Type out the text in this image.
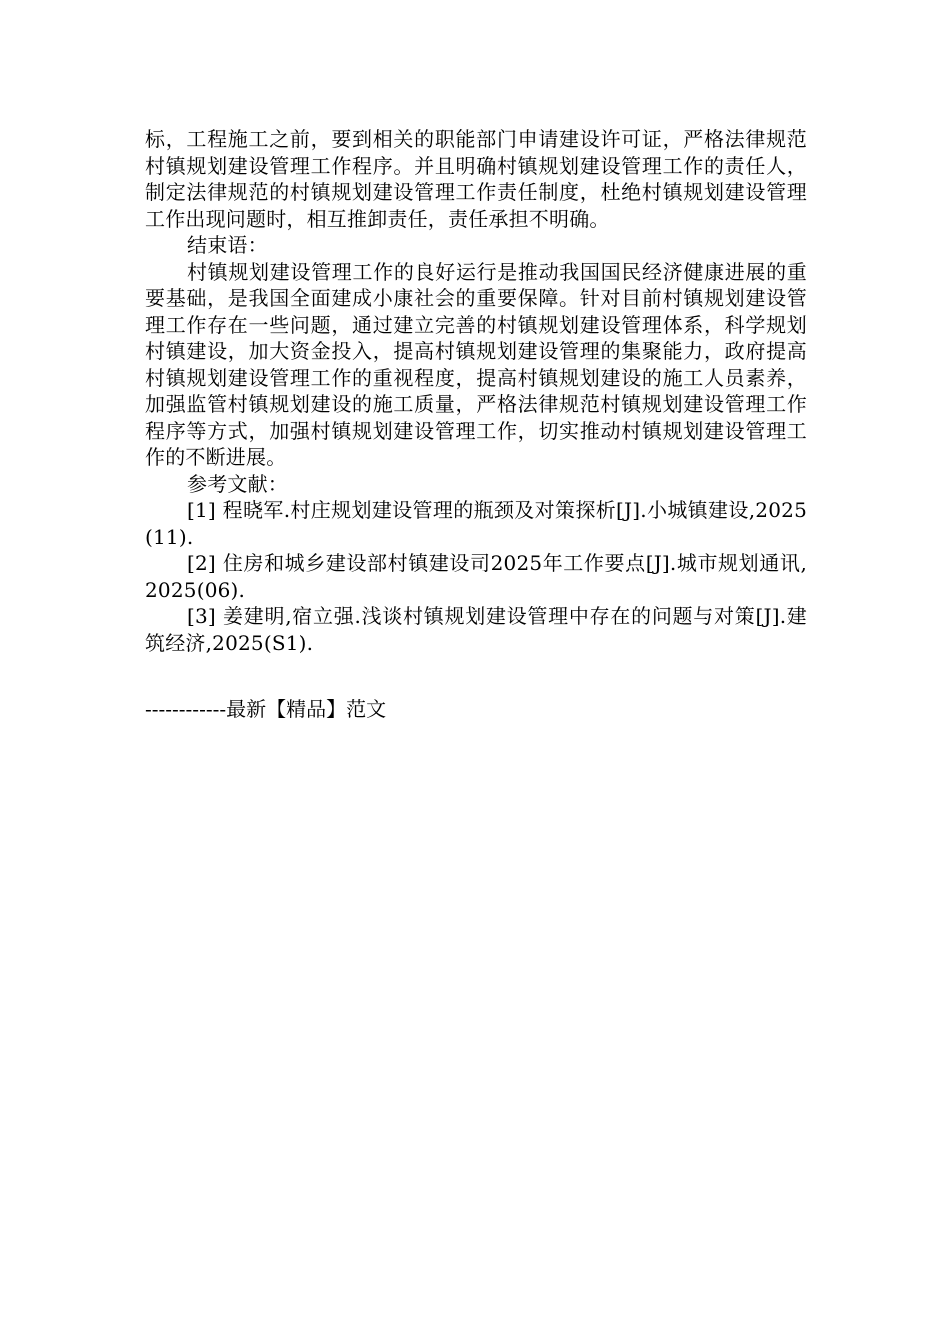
标，工程施工之前，要到相关的职能部门申请建设许可证，严格法律规范村镇规划建设管理工作程序。并且明确村镇规划建设管理工作的责任人，制定法律规范的村镇规划建设管理工作责任制度，杜绝村镇规划建设管理工作出现问题时，相互推卸责任，责任承担不明确。

结束语：

村镇规划建设管理工作的良好运行是推动我国国民经济健康进展的重要基础，是我国全面建成小康社会的重要保障。针对目前村镇规划建设管理工作存在一些问题，通过建立完善的村镇规划建设管理体系，科学规划村镇建设，加大资金投入，提高村镇规划建设管理的集聚能力，政府提高村镇规划建设管理工作的重视程度，提高村镇规划建设的施工人员素养，加强监管村镇规划建设的施工质量，严格法律规范村镇规划建设管理工作程序等方式，加强村镇规划建设管理工作，切实推动村镇规划建设管理工作的不断进展。

参考文献：

[1] 程晓军.村庄规划建设管理的瓶颈及对策探析[J].小城镇建设,2025(11).

[2] 住房和城乡建设部村镇建设司2025年工作要点[J].城市规划通讯,2025(06).

[3] 姜建明,宿立强.浅谈村镇规划建设管理中存在的问题与对策[J].建筑经济,2025(S1).

------------最新【精品】范文
